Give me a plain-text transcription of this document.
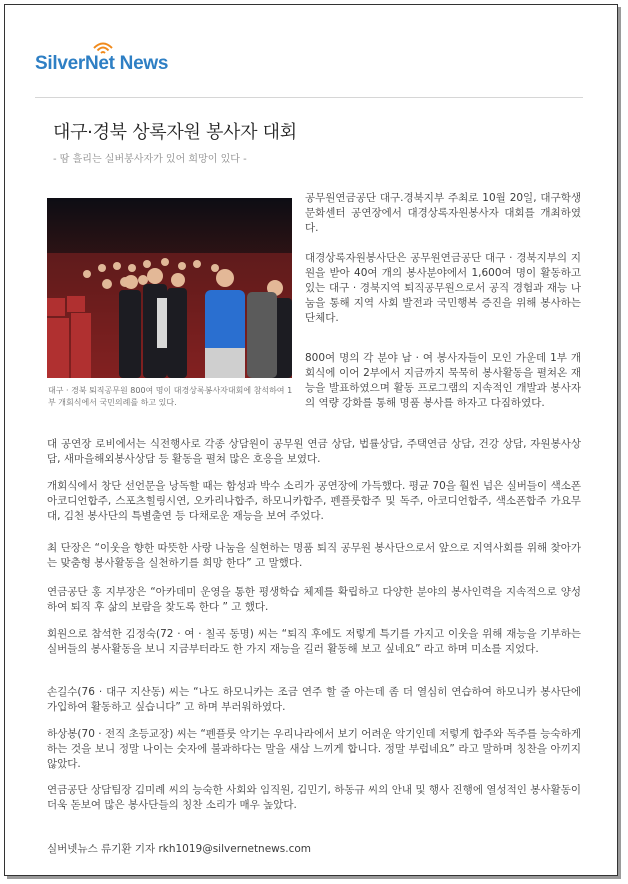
SilverNet News
대구·경북 상록자원 봉사자 대회
- 땀 흘리는 실버봉사자가 있어 희망이 있다 -
대구 · 경북 퇴직공무원 800여 명이 대경상록봉사자대회에 참석하여 1부 개회식에서 국민의례를 하고 있다.
공무원연금공단 대구.경북지부 주최로 10월 20일, 대구학생문화센터 공연장에서 대경상록자원봉사자 대회를 개최하였다.
대경상록자원봉사단은 공무원연금공단 대구 · 경북지부의 지원을 받아 40여 개의 봉사분야에서 1,600여 명이 활동하고 있는 대구 · 경북지역 퇴직공무원으로서 공직 경험과 재능 나눔을 통해 지역 사회 발전과 국민행복 증진을 위해 봉사하는 단체다.
800여 명의 각 분야 남 · 여 봉사자들이 모인 가운데 1부 개회식에 이어 2부에서 지금까지 묵묵히 봉사활동을 펼쳐온 재능을 발표하였으며 활동 프로그램의 지속적인 개발과 봉사자의 역량 강화를 통해 명품 봉사를 하자고 다짐하였다.
대 공연장 로비에서는 식전행사로 각종 상담원이 공무원 연금 상담, 법률상담, 주택연금 상담, 건강 상담, 자원봉사상담, 새마을해외봉사상담 등 활동을 펼쳐 많은 호응을 보였다.
개회식에서 창단 선언문을 낭독할 때는 함성과 박수 소리가 공연장에 가득했다. 평균 70을 훨씬 넘은 실버들이 색소폰 아코디언합주, 스포츠힐링시연, 오카리나합주, 하모니카합주, 펜플룻합주 및 독주, 아코디언합주, 색소폰합주 가요무대, 김천 봉사단의 특별출연 등 다채로운 재능을 보여 주었다.
최 단장은 “이웃을 향한 따뜻한 사랑 나눔을 실현하는 명품 퇴직 공무원 봉사단으로서 앞으로 지역사회를 위해 찾아가는 맞춤형 봉사활동을 실천하기를 희망 한다” 고 말했다.
연금공단 홍 지부장은 “아카데미 운영을 통한 평생학습 체제를 확립하고 다양한 분야의 봉사인력을 지속적으로 양성하여 퇴직 후 삶의 보람을 찾도록 한다 ” 고 했다.
회원으로 참석한 김정숙(72 · 여 · 칠곡 동명) 씨는 “퇴직 후에도 저렇게 특기를 가지고 이웃을 위해 재능을 기부하는 실버들의 봉사활동을 보니 지금부터라도 한 가지 재능을 길러 활동해 보고 싶네요” 라고 하며 미소를 지었다.
손길수(76 · 대구 지산동) 씨는 “나도 하모니카는 조금 연주 할 줄 아는데 좀 더 열심히 연습하여 하모니카 봉사단에 가입하여 활동하고 싶습니다” 고 하며 부러워하였다.
하상봉(70 · 전직 초등교장) 씨는 “펜플룻 악기는 우리나라에서 보기 어려운 악기인데 저렇게 합주와 독주를 능숙하게 하는 것을 보니 정말 나이는 숫자에 불과하다는 말을 새삼 느끼게 합니다. 정말 부럽네요” 라고 말하며 칭찬을 아끼지 않았다.
연금공단 상담팀장 김미례 씨의 능숙한 사회와 임직원, 김민기, 하동규 씨의 안내 및 행사 진행에 열성적인 봉사활동이 더욱 돋보여 많은 봉사단들의 칭찬 소리가 매우 높았다.
실버넷뉴스 류기환 기자 rkh1019@silvernetnews.com
